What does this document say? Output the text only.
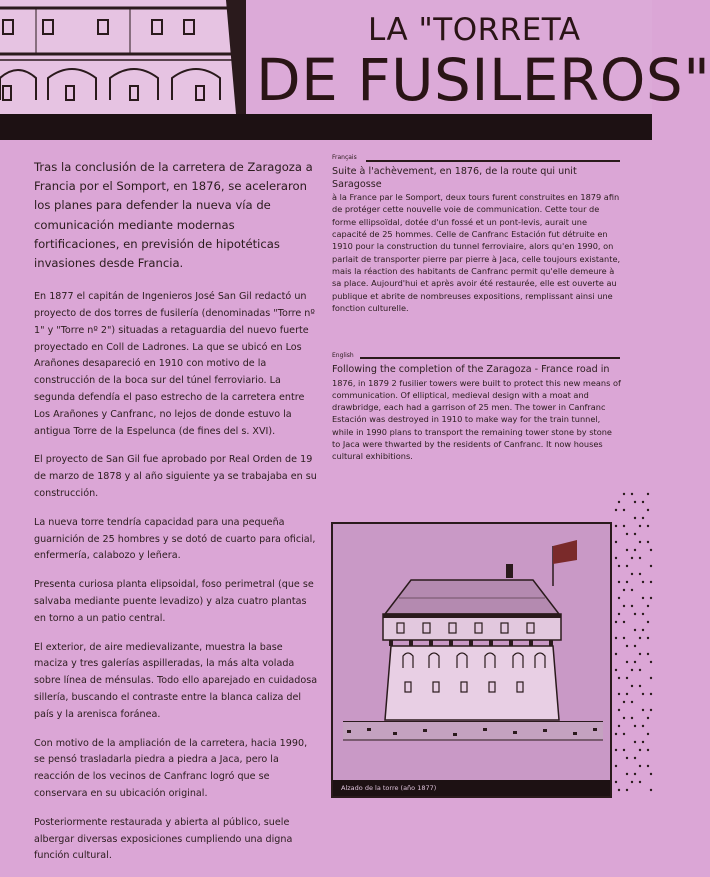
LA "TORRETA
DE FUSILEROS"

Tras la conclusión de la carretera de Zaragoza a Francia por el Somport, en 1876, se aceleraron los planes para defender la nueva vía de comunicación mediante modernas fortificaciones, en previsión de hipotéticas invasiones desde Francia.

En 1877 el capitán de Ingenieros José San Gil redactó un proyecto de dos torres de fusilería (denominadas "Torre nº 1" y "Torre nº 2") situadas a retaguardia del nuevo fuerte proyectado en Coll de Ladrones. La que se ubicó en Los Arañones desapareció en 1910 con motivo de la construcción de la boca sur del túnel ferroviario. La segunda defendía el paso estrecho de la carretera entre Los Arañones y Canfranc, no lejos de donde estuvo la antigua Torre de la Espelunca (de fines del s. XVI).

El proyecto de San Gil fue aprobado por Real Orden de 19 de marzo de 1878 y al año siguiente ya se trabajaba en su construcción.

La nueva torre tendría capacidad para una pequeña guarnición de 25 hombres y se dotó de cuarto para oficial, enfermería, calabozo y leñera.

Presenta curiosa planta elipsoidal, foso perimetral (que se salvaba mediante puente levadizo) y alza cuatro plantas en torno a un patio central.

El exterior, de aire medievalizante, muestra la base maciza y tres galerías aspilleradas, la más alta volada sobre línea de ménsulas. Todo ello aparejado en cuidadosa sillería, buscando el contraste entre la blanca caliza del país y la arenisca foránea.

Con motivo de la ampliación de la carretera, hacia 1990, se pensó trasladarla piedra a piedra a Jaca, pero la reacción de los vecinos de Canfranc logró que se conservara en su ubicación original.

Posteriormente restaurada y abierta al público, suele albergar diversas exposiciones cumpliendo una digna función cultural.

Français
Suite à l'achèvement, en 1876, de la route qui unit Saragosse
à la France par le Somport, deux tours furent construites en 1879 afin de protéger cette nouvelle voie de communication. Cette tour de forme ellipsoïdal, dotée d'un fossé et un pont-levis, aurait une capacité de 25 hommes. Celle de Canfranc Estación fut détruite en 1910 pour la construction du tunnel ferroviaire, alors qu'en 1990, on parlait de transporter pierre par pierre à Jaca, celle toujours existante, mais la réaction des habitants de Canfranc permit qu'elle demeure à sa place. Aujourd'hui et après avoir été restaurée, elle est ouverte au publique et abrite de nombreuses expositions, remplissant ainsi une fonction culturelle.
English
Following the completion of the Zaragoza - France road in
1876, in 1879 2 fusilier towers were built to protect this new means of communication. Of elliptical, medieval design with a moat and drawbridge, each had a garrison of 25 men. The tower in Canfranc Estación was destroyed in 1910 to make way for the train tunnel, while in 1990 plans to transport the remaining tower stone by stone to Jaca were thwarted by the residents of Canfranc. It now houses cultural exhibitions.
Alzado de la torre (año 1877)
